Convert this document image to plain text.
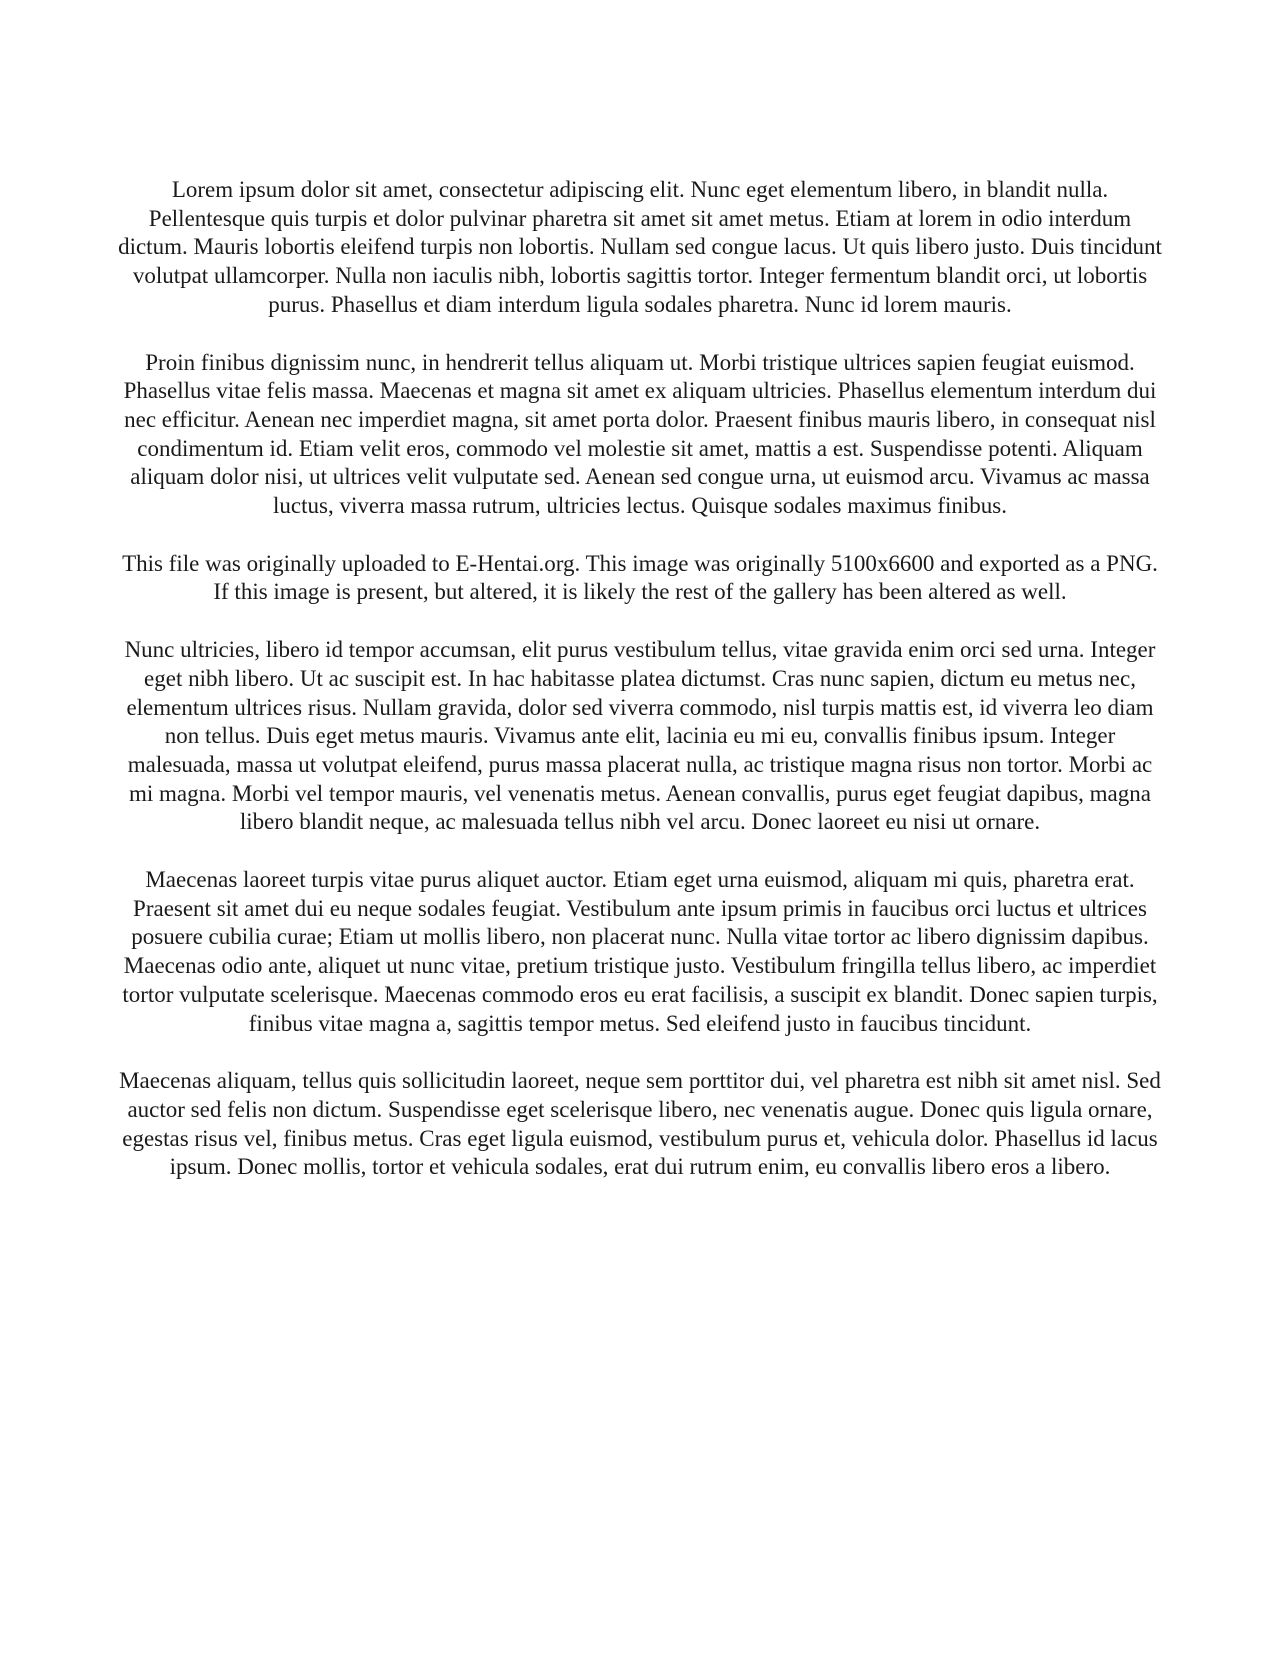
Lorem ipsum dolor sit amet, consectetur adipiscing elit. Nunc eget elementum libero, in blandit nulla. Pellentesque quis turpis et dolor pulvinar pharetra sit amet sit amet metus. Etiam at lorem in odio interdum dictum. Mauris lobortis eleifend turpis non lobortis. Nullam sed congue lacus. Ut quis libero justo. Duis tincidunt volutpat ullamcorper. Nulla non iaculis nibh, lobortis sagittis tortor. Integer fermentum blandit orci, ut lobortis purus. Phasellus et diam interdum ligula sodales pharetra. Nunc id lorem mauris.

Proin finibus dignissim nunc, in hendrerit tellus aliquam ut. Morbi tristique ultrices sapien feugiat euismod. Phasellus vitae felis massa. Maecenas et magna sit amet ex aliquam ultricies. Phasellus elementum interdum dui nec efficitur. Aenean nec imperdiet magna, sit amet porta dolor. Praesent finibus mauris libero, in consequat nisl condimentum id. Etiam velit eros, commodo vel molestie sit amet, mattis a est. Suspendisse potenti. Aliquam aliquam dolor nisi, ut ultrices velit vulputate sed. Aenean sed congue urna, ut euismod arcu. Vivamus ac massa luctus, viverra massa rutrum, ultricies lectus. Quisque sodales maximus finibus.

This file was originally uploaded to E-Hentai.org. This image was originally 5100x6600 and exported as a PNG. If this image is present, but altered, it is likely the rest of the gallery has been altered as well.

Nunc ultricies, libero id tempor accumsan, elit purus vestibulum tellus, vitae gravida enim orci sed urna. Integer eget nibh libero. Ut ac suscipit est. In hac habitasse platea dictumst. Cras nunc sapien, dictum eu metus nec, elementum ultrices risus. Nullam gravida, dolor sed viverra commodo, nisl turpis mattis est, id viverra leo diam non tellus. Duis eget metus mauris. Vivamus ante elit, lacinia eu mi eu, convallis finibus ipsum. Integer malesuada, massa ut volutpat eleifend, purus massa placerat nulla, ac tristique magna risus non tortor. Morbi ac mi magna. Morbi vel tempor mauris, vel venenatis metus. Aenean convallis, purus eget feugiat dapibus, magna libero blandit neque, ac malesuada tellus nibh vel arcu. Donec laoreet eu nisi ut ornare.

Maecenas laoreet turpis vitae purus aliquet auctor. Etiam eget urna euismod, aliquam mi quis, pharetra erat. Praesent sit amet dui eu neque sodales feugiat. Vestibulum ante ipsum primis in faucibus orci luctus et ultrices posuere cubilia curae; Etiam ut mollis libero, non placerat nunc. Nulla vitae tortor ac libero dignissim dapibus. Maecenas odio ante, aliquet ut nunc vitae, pretium tristique justo. Vestibulum fringilla tellus libero, ac imperdiet tortor vulputate scelerisque. Maecenas commodo eros eu erat facilisis, a suscipit ex blandit. Donec sapien turpis, finibus vitae magna a, sagittis tempor metus. Sed eleifend justo in faucibus tincidunt.

Maecenas aliquam, tellus quis sollicitudin laoreet, neque sem porttitor dui, vel pharetra est nibh sit amet nisl. Sed auctor sed felis non dictum. Suspendisse eget scelerisque libero, nec venenatis augue. Donec quis ligula ornare, egestas risus vel, finibus metus. Cras eget ligula euismod, vestibulum purus et, vehicula dolor. Phasellus id lacus ipsum. Donec mollis, tortor et vehicula sodales, erat dui rutrum enim, eu convallis libero eros a libero.
